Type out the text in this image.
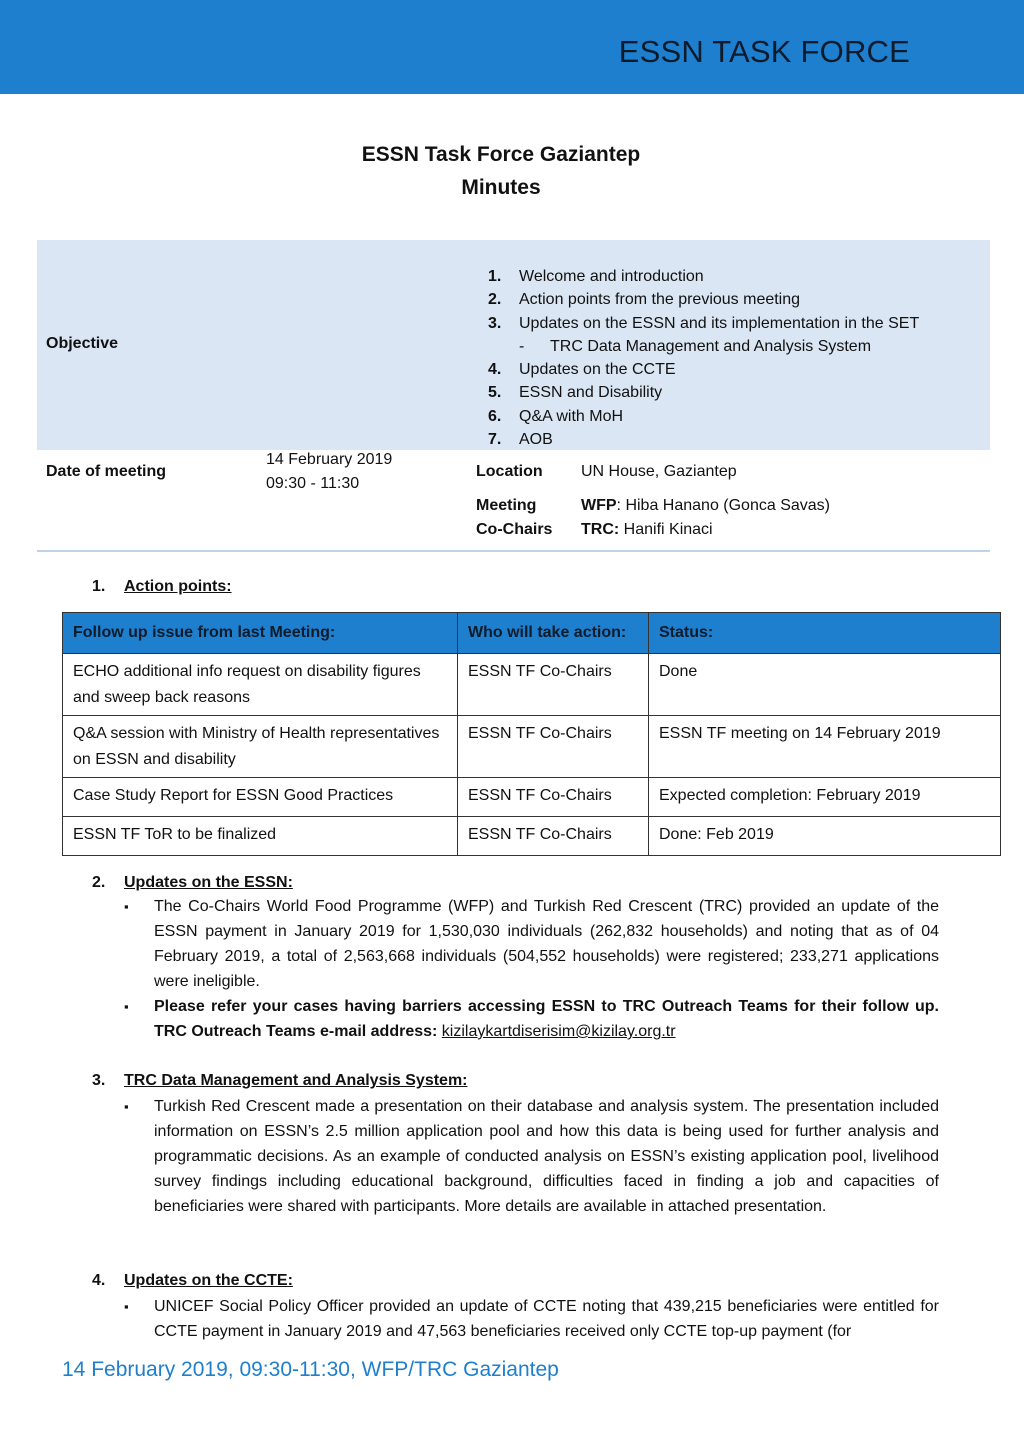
ESSN TASK FORCE
ESSN Task Force Gaziantep
Minutes
Objective
1. Welcome and introduction
2. Action points from the previous meeting
3. Updates on the ESSN and its implementation in the SET
- TRC Data Management and Analysis System
4. Updates on the CCTE
5. ESSN and Disability
6. Q&A with MoH
7. AOB
Date of meeting
14 February 2019
09:30 - 11:30
Location UN House, Gaziantep
Meeting
Co-Chairs
WFP: Hiba Hanano (Gonca Savas)
TRC: Hanifi Kinaci
1. Action points:
Follow up issue from last Meeting:	Who will take action:	Status:
ECHO additional info request on disability figures and sweep back reasons	ESSN TF Co-Chairs	Done
Q&A session with Ministry of Health representatives on ESSN and disability	ESSN TF Co-Chairs	ESSN TF meeting on 14 February 2019
Case Study Report for ESSN Good Practices	ESSN TF Co-Chairs	Expected completion: February 2019
ESSN TF ToR to be finalized	ESSN TF Co-Chairs	Done: Feb 2019
2. Updates on the ESSN:
▪ The Co-Chairs World Food Programme (WFP) and Turkish Red Crescent (TRC) provided an update of the ESSN payment in January 2019 for 1,530,030 individuals (262,832 households) and noting that as of 04 February 2019, a total of 2,563,668 individuals (504,552 households) were registered; 233,271 applications were ineligible.
▪ Please refer your cases having barriers accessing ESSN to TRC Outreach Teams for their follow up. TRC Outreach Teams e-mail address: kizilaykartdiserisim@kizilay.org.tr
3. TRC Data Management and Analysis System:
▪ Turkish Red Crescent made a presentation on their database and analysis system. The presentation included information on ESSN’s 2.5 million application pool and how this data is being used for further analysis and programmatic decisions. As an example of conducted analysis on ESSN’s existing application pool, livelihood survey findings including educational background, difficulties faced in finding a job and capacities of beneficiaries were shared with participants. More details are available in attached presentation.
4. Updates on the CCTE:
▪ UNICEF Social Policy Officer provided an update of CCTE noting that 439,215 beneficiaries were entitled for CCTE payment in January 2019 and 47,563 beneficiaries received only CCTE top-up payment (for
14 February 2019, 09:30-11:30, WFP/TRC Gaziantep
